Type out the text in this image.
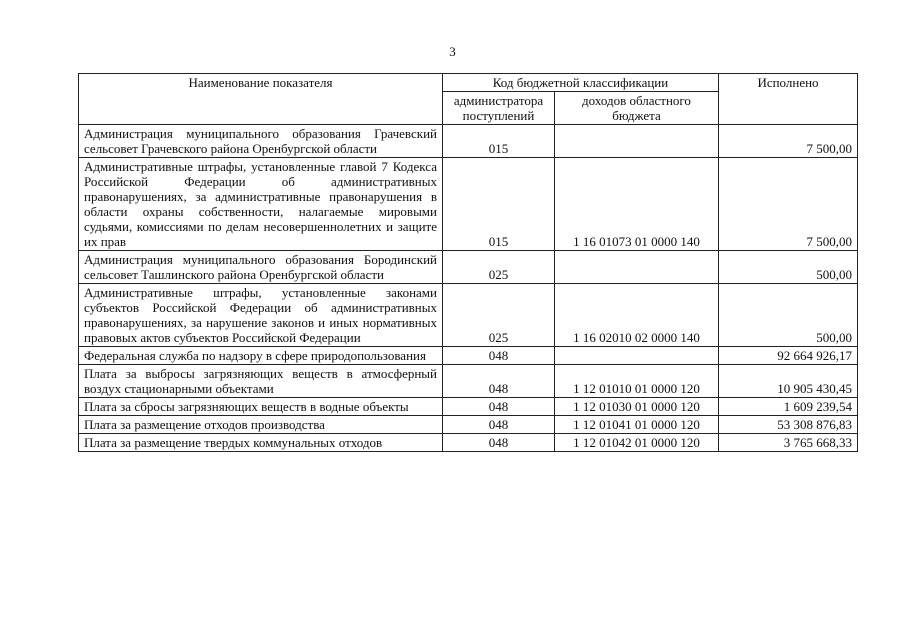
3
Наименование показателя	Код бюджетной классификации		Исполнено
	администратора поступлений	доходов областного бюджета	
Администрация муниципального образования Грачевский сельсовет Грачевского района Оренбургской области	015		7 500,00
Административные штрафы, установленные главой 7 Кодекса Российской Федерации об административных правонарушениях, за административные правонарушения в области охраны собственности, налагаемые мировыми судьями, комиссиями по делам несовершеннолетних и защите их прав	015	1 16 01073 01 0000 140	7 500,00
Администрация муниципального образования Бородинский сельсовет Ташлинского района Оренбургской области	025		500,00
Административные штрафы, установленные законами субъектов Российской Федерации об административных правонарушениях, за нарушение законов и иных нормативных правовых актов субъектов Российской Федерации	025	1 16 02010 02 0000 140	500,00
Федеральная служба по надзору в сфере природопользования	048		92 664 926,17
Плата за выбросы загрязняющих веществ в атмосферный воздух стационарными объектами	048	1 12 01010 01 0000 120	10 905 430,45
Плата за сбросы загрязняющих веществ в водные объекты	048	1 12 01030 01 0000 120	1 609 239,54
Плата за размещение отходов производства	048	1 12 01041 01 0000 120	53 308 876,83
Плата за размещение твердых коммунальных отходов	048	1 12 01042 01 0000 120	3 765 668,33
